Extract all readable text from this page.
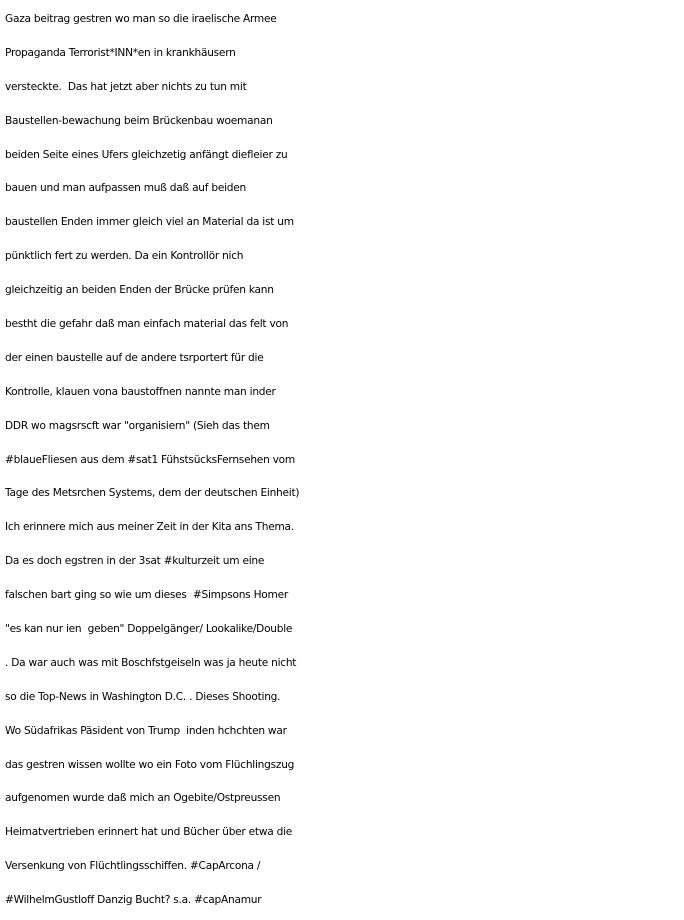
Gaza beitrag gestren wo man so die iraelische Armee
Propaganda Terrorist*INN*en in krankhäusern
versteckte.  Das hat jetzt aber nichts zu tun mit
Baustellen-bewachung beim Brückenbau woemanan
beiden Seite eines Ufers gleichzetig anfängt diefleier zu
bauen und man aufpassen muß daß auf beiden
baustellen Enden immer gleich viel an Material da ist um
pünktlich fert zu werden. Da ein Kontrollör nich
gleichzeitig an beiden Enden der Brücke prüfen kann
bestht die gefahr daß man einfach material das felt von
der einen baustelle auf de andere tsrportert für die
Kontrolle, klauen vona baustoffnen nannte man inder
DDR wo magsrscft war "organisiern" (Sieh das them
#blaueFliesen aus dem #sat1 FühstsücksFernsehen vom
Tage des Metsrchen Systems, dem der deutschen Einheit)
Ich erinnere mich aus meiner Zeit in der Kita ans Thema.
Da es doch egstren in der 3sat #kulturzeit um eine
falschen bart ging so wie um dieses  #Simpsons Homer
"es kan nur ien  geben" Doppelgänger/ Lookalike/Double
. Da war auch was mit Boschfstgeiseln was ja heute nicht
so die Top-News in Washington D.C. . Dieses Shooting.
Wo Südafrikas Päsident von Trump  inden hchchten war
das gestren wissen wollte wo ein Foto vom Flüchlingszug
aufgenomen wurde daß mich an Ogebite/Ostpreussen
Heimatvertrieben erinnert hat und Bücher über etwa die
Versenkung von Flüchtlingsschiffen. #CapArcona /
#WilhelmGustloff Danzig Bucht? s.a. #capAnamur
